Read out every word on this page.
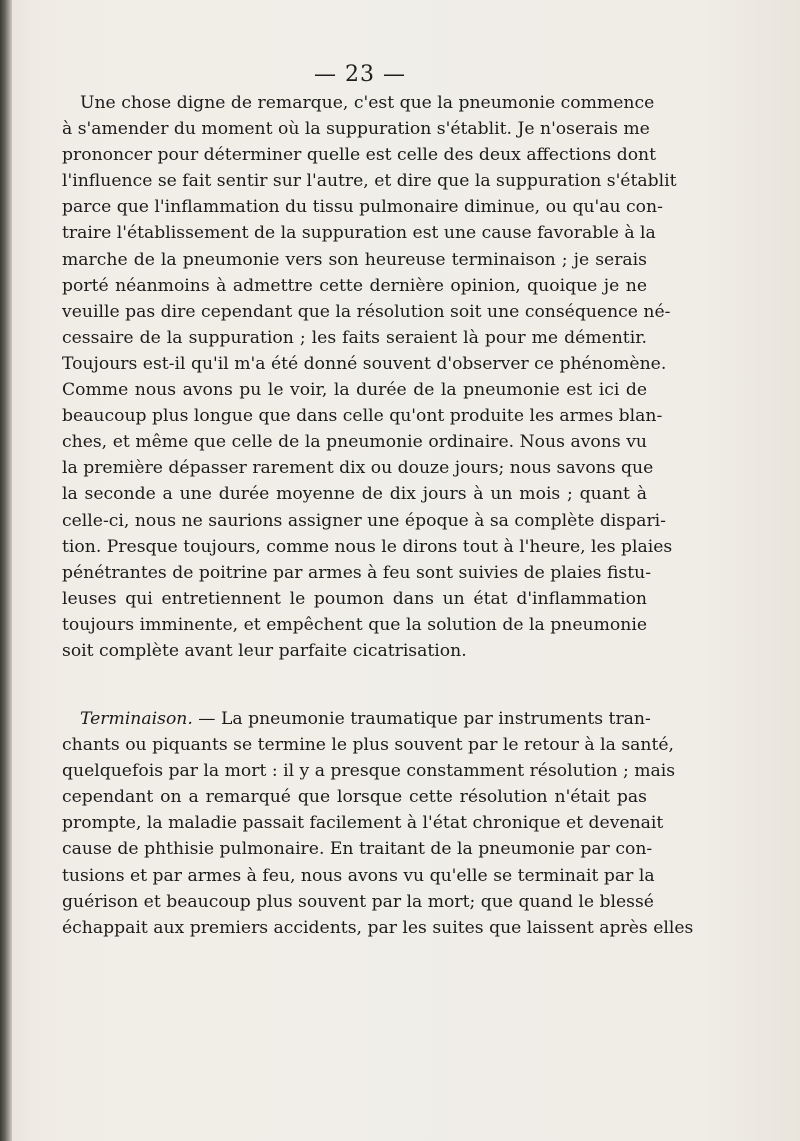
— 23 —
Une chose digne de remarque, c'est que la pneumonie commence
à s'amender du moment où la suppuration s'établit. Je n'oserais me
prononcer pour déterminer quelle est celle des deux affections dont
l'influence se fait sentir sur l'autre, et dire que la suppuration s'établit
parce que l'inflammation du tissu pulmonaire diminue, ou qu'au con-
traire l'établissement de la suppuration est une cause favorable à la
marche de la pneumonie vers son heureuse terminaison ; je serais
porté néanmoins à admettre cette dernière opinion, quoique je ne
veuille pas dire cependant que la résolution soit une conséquence né-
cessaire de la suppuration ; les faits seraient là pour me démentir.
Toujours est-il qu'il m'a été donné souvent d'observer ce phénomène.
Comme nous avons pu le voir, la durée de la pneumonie est ici de
beaucoup plus longue que dans celle qu'ont produite les armes blan-
ches, et même que celle de la pneumonie ordinaire. Nous avons vu
la première dépasser rarement dix ou douze jours; nous savons que
la seconde a une durée moyenne de dix jours à un mois ; quant à
celle-ci, nous ne saurions assigner une époque à sa complète dispari-
tion. Presque toujours, comme nous le dirons tout à l'heure, les plaies
pénétrantes de poitrine par armes à feu sont suivies de plaies fistu-
leuses qui entretiennent le poumon dans un état d'inflammation
toujours imminente, et empêchent que la solution de la pneumonie
soit complète avant leur parfaite cicatrisation.
Terminaison. — La pneumonie traumatique par instruments tran-
chants ou piquants se termine le plus souvent par le retour à la santé,
quelquefois par la mort : il y a presque constamment résolution ; mais
cependant on a remarqué que lorsque cette résolution n'était pas
prompte, la maladie passait facilement à l'état chronique et devenait
cause de phthisie pulmonaire. En traitant de la pneumonie par con-
tusions et par armes à feu, nous avons vu qu'elle se terminait par la
guérison et beaucoup plus souvent par la mort; que quand le blessé
échappait aux premiers accidents, par les suites que laissent après elles
